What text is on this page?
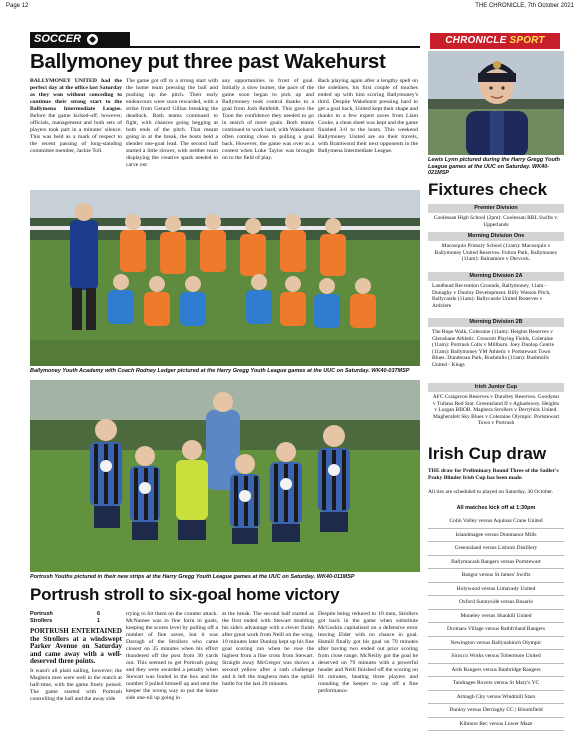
Page 12	THE CHRONICLE, 7th October 2021
SOCCER	CHRONICLE SPORT
Ballymoney put three past Wakehurst
BALLYMONEY UNITED had the perfect day at the office last Saturday as they won without conceding to continue their strong start to the Ballymena Intermediate League. Before the game kicked-off, however, officials, management and both sets of players took part in a minutes' silence. This was held as a mark of respect to the recent passing of long-standing committee member, Jackie Toll.
The game got off to a strong start with the home team pressing the ball and pushing up the pitch. Their early endeavours were soon rewarded, with a strike from Gerard Gillan breaking the deadlock. Both teams continued to fight, with chances going begging at both ends of the pitch. That meant going in at the break, the hosts held a slender one-goal lead. The second half started a little slower, with neither team displaying the creative spark needed to carve out
any opportunities in front of goal. Initially a slow burner, the pace of the game soon began to pick up and Ballymoney took control thanks to a goal from Josh Rehfeldt. This gave the Toon the confidence they needed to go in search of more goals. Both teams continued to work hard, with Wakehurst often coming close to pulling a goal back. However, the game was over as a contest when Luke Taylor was brought on to the field of play.
Back playing again after a lengthy spell on the sidelines, his first couple of touches ended up with him scoring Ballymoney's third. Despite Wakehurst pressing hard to get a goal back, United kept their shape and thanks to a few expert saves from Liam Cooke, a clean sheet was kept and the game finished 3-0 to the hosts. This weekend Ballymoney United are on their travels, with Brantwood their next opponents in the Ballymena Intermediate League.
Lewis Lynn pictured during the Harry Gregg Youth League games at the UUC on Saturday. WK40-021MSP
Ballymoney Youth Academy with Coach Rodney Ledger pictured at the Harry Gregg Youth League games at the UUC on Saturday. WK40-037MSP
Portrush Youths pictured in their new strips at the Harry Gregg Youth League games at the UUC on Saturday. WK40-011MSP
Fixtures check
Premier Division
Coolessan High School (2pm): Coolessan RBL Swifts v. Upperlands
Morning Division One
Macosquin Primary School (11am): Macosquin v Ballymoney United Reserves. Fulton Park, Ballymoney (11am): Balnamore v Dervock.
Morning Division 2A
Landhead Recreation Grounds, Ballymoney, 11am - Dunaghy v Dunloy Development. Billy Watson Pitch, Ballycastle (11am): Ballycastle United Reserves v Ardclere
Morning Division 2B
The Rope Walk, Coleraine (11am): Heights Reserves v Glenshane Athletic. Crescent Playing Fields, Coleraine (11am): Portrush Colts v Millburn. Joey Dunlop Centre (11am): Ballymoney YM Athletic v Portstewart Town Blues. Dundooan Park, Bushmills (11am): Bushmills United - Kings
Irish Junior Cup
AFC Craigavon Reserves v Dundrey Reserves. Goodyear v Tullans Red Star. Greenisland II v Aghadowey. Heights v Lurgan BBOB. Maghera Strollers v Derryhirk United. Magherafelt Sky Blues v Coleraine Olympic. Portstewart Town v Portrush
Irish Cup draw
THE draw for Preliminary Round Three of the Sadler's Peaky Blinder Irish Cup has been made.
All ties are scheduled to played on Saturday, 30 October.
All matches kick off at 1:30pm
Colin Valley versus Aquinas Crane United
Islandmagee versus Dunmanor Mills
Greenisland versus Lisburn Distillery
Ballymacash Rangers versus Portstewart
Bangor versus St James' Swifts
Holywood versus Limavady United
Oxford Sunnyside versus Rosario
Moneley versus Shankill United
Dromara Village versus Rathfriland Rangers
Newington versus Ballynahinch Olympic
Sirocco Works versus Tobermore United
Ards Rangers versus Banbridge Rangers
Tandragee Rovers versus St Mary's YC
Armagh City versus Windmill Stars
Dunloy versus Derriaghy CC | Bloomfield
Kilmore Rec versus Lower Maze
Portrush stroll to six-goal home victory
Portrush	6
Strollers	1
PORTRUSH ENTERTAINED the Strollers at a windswept Parker Avenue on Saturday and came away with a well-deserved three points.
It wasn't all plain sailing, however; the Maghera men were well in the match at half-time, with the game finely poised. The game started with Portrush controlling the ball and the away side
trying to hit them on the counter attack. McNamee was in fine form in goals, keeping the scores level by pulling off a number of fine saves, but it was Darragh of the Strollers who came closest on 35 minutes when his effort thundered off the post from 30 yards out. This seemed to get Portrush going and they were awarded a penalty when Stewart was fouled in the box and the number 9 pulled himself up and sent the keeper the wrong way to put the home side one-nil up going in
at the break. The second half started as the first ended with Stewart doubling his side's advantage with a clever finish after great work from Neill on the wing. 10 minutes later Dunlop kept up his fine goal scoring run when he rose the highest from a fine cross from Stewart. Straight away McGregor was shown a second yellow after a rash challenge and it left the maghera men the uphill battle for the last 20 minutes.
Despite being reduced to 10 men, Strollers got back in the game when substitute McGuckin capitalised on a defensive error leaving Elder with no chance in goal. Hamill finally got his goal on 70 minutes after having two ended out prior scoring from close range. McNeilly got the goal he deserved on 79 minutes with a powerful header and Neill finished off the scoring on 84 minutes, beating three players and rounding the keeper to cap off a fine performance.
